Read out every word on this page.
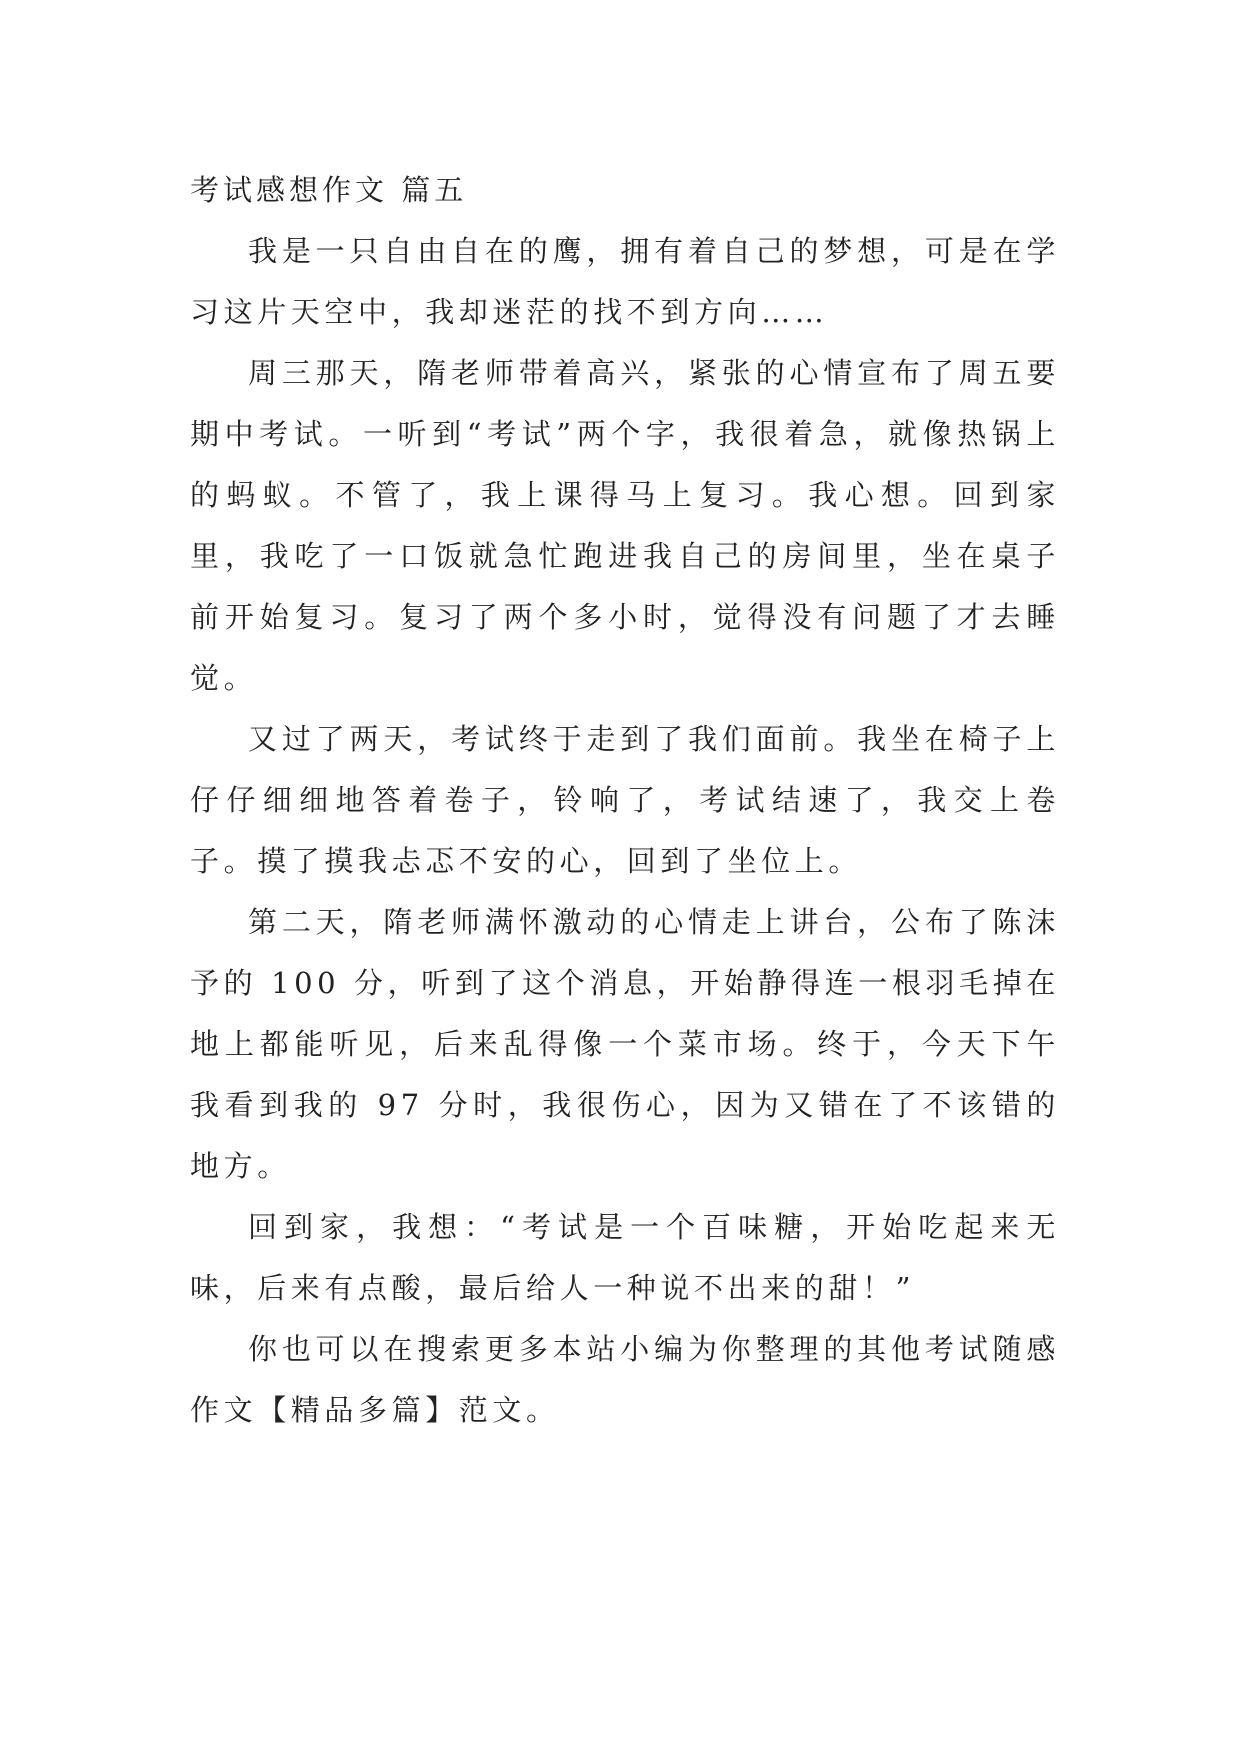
考试感想作文 篇五

我是一只自由自在的鹰，拥有着自己的梦想，可是在学习这片天空中，我却迷茫的找不到方向……

周三那天，隋老师带着高兴，紧张的心情宣布了周五要期中考试。一听到“考试”两个字，我很着急，就像热锅上的蚂蚁。不管了，我上课得马上复习。我心想。回到家里，我吃了一口饭就急忙跑进我自己的房间里，坐在桌子前开始复习。复习了两个多小时，觉得没有问题了才去睡觉。

又过了两天，考试终于走到了我们面前。我坐在椅子上仔仔细细地答着卷子，铃响了，考试结速了，我交上卷子。摸了摸我忐忑不安的心，回到了坐位上。

第二天，隋老师满怀激动的心情走上讲台，公布了陈沫予的 100 分，听到了这个消息，开始静得连一根羽毛掉在地上都能听见，后来乱得像一个菜市场。终于，今天下午我看到我的 97 分时，我很伤心，因为又错在了不该错的地方。

回到家，我想：“考试是一个百味糖，开始吃起来无味，后来有点酸，最后给人一种说不出来的甜！”

你也可以在搜索更多本站小编为你整理的其他考试随感作文【精品多篇】范文。
